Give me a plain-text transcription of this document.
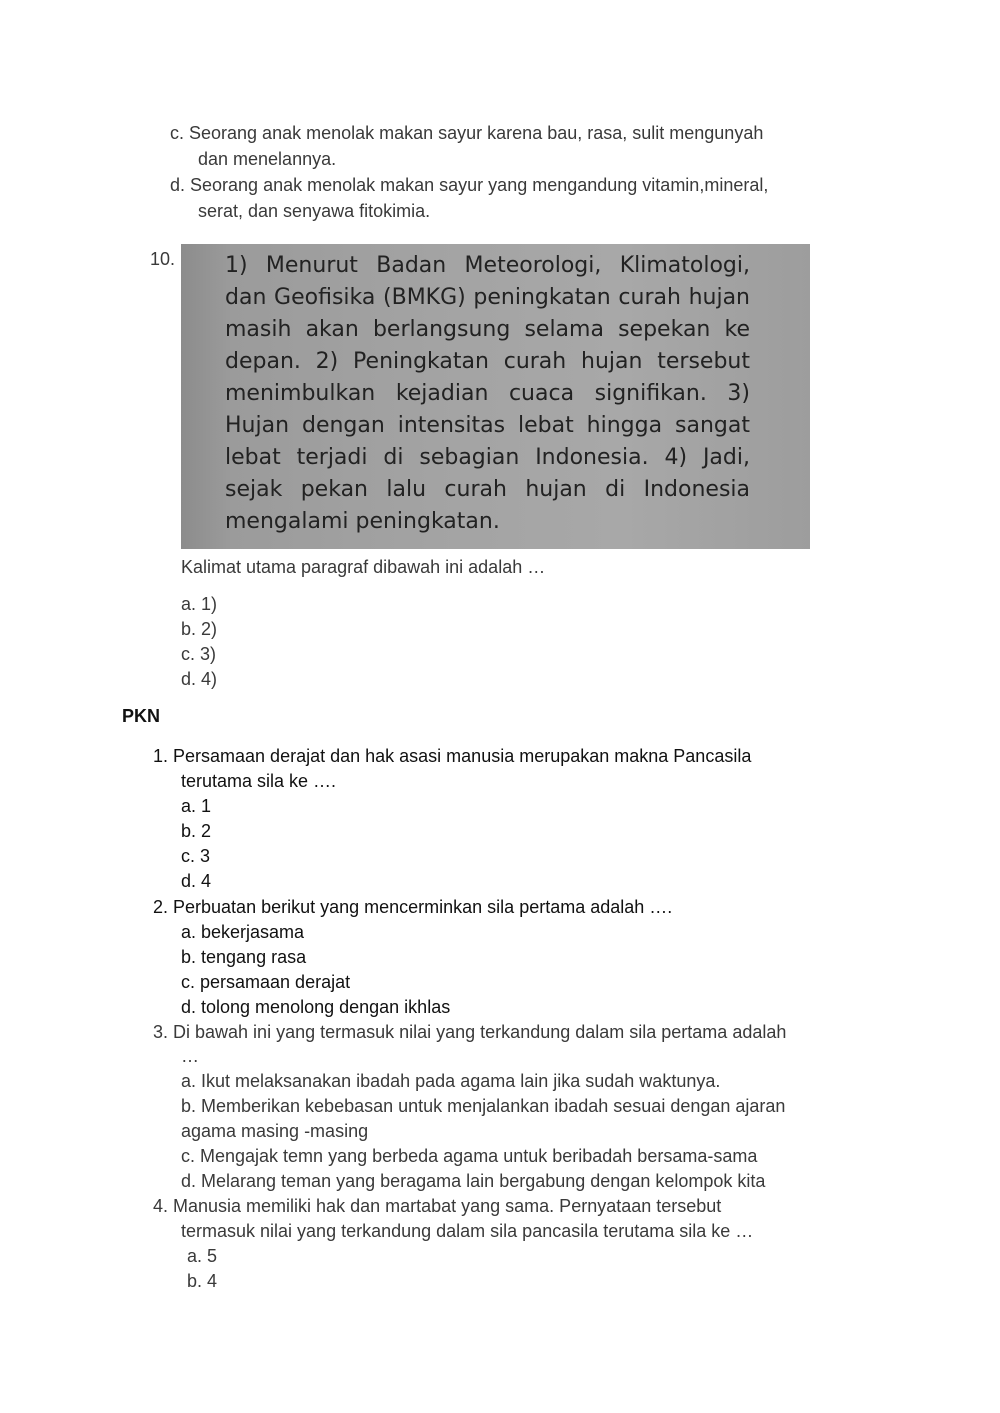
c. Seorang anak menolak makan sayur karena bau, rasa, sulit mengunyah
dan menelannya.
d. Seorang anak menolak makan sayur yang mengandung vitamin,mineral,
serat, dan senyawa fitokimia.
10. 1) Menurut Badan Meteorologi, Klimatologi, dan Geofisika (BMKG) peningkatan curah hujan masih akan berlangsung selama sepekan ke depan. 2) Peningkatan curah hujan tersebut menimbulkan kejadian cuaca signifikan. 3) Hujan dengan intensitas lebat hingga sangat lebat terjadi di sebagian Indonesia. 4) Jadi, sejak pekan lalu curah hujan di Indonesia mengalami peningkatan.
Kalimat utama paragraf dibawah ini adalah …
a. 1)
b. 2)
c. 3)
d. 4)
PKN
1. Persamaan derajat dan hak asasi manusia merupakan makna Pancasila
terutama sila ke ….
a. 1
b. 2
c. 3
d. 4
2. Perbuatan berikut yang mencerminkan sila pertama adalah ….
a. bekerjasama
b. tengang rasa
c. persamaan derajat
d. tolong menolong dengan ikhlas
3. Di bawah ini yang termasuk nilai yang terkandung dalam sila pertama adalah
…
a. Ikut melaksanakan ibadah pada agama lain jika sudah waktunya.
b. Memberikan kebebasan untuk menjalankan ibadah sesuai dengan ajaran
agama masing -masing
c. Mengajak temn yang berbeda agama untuk beribadah bersama-sama
d. Melarang teman yang beragama lain bergabung dengan kelompok kita
4. Manusia memiliki hak dan martabat yang sama. Pernyataan tersebut
termasuk nilai yang terkandung dalam sila pancasila terutama sila ke …
a. 5
b. 4
